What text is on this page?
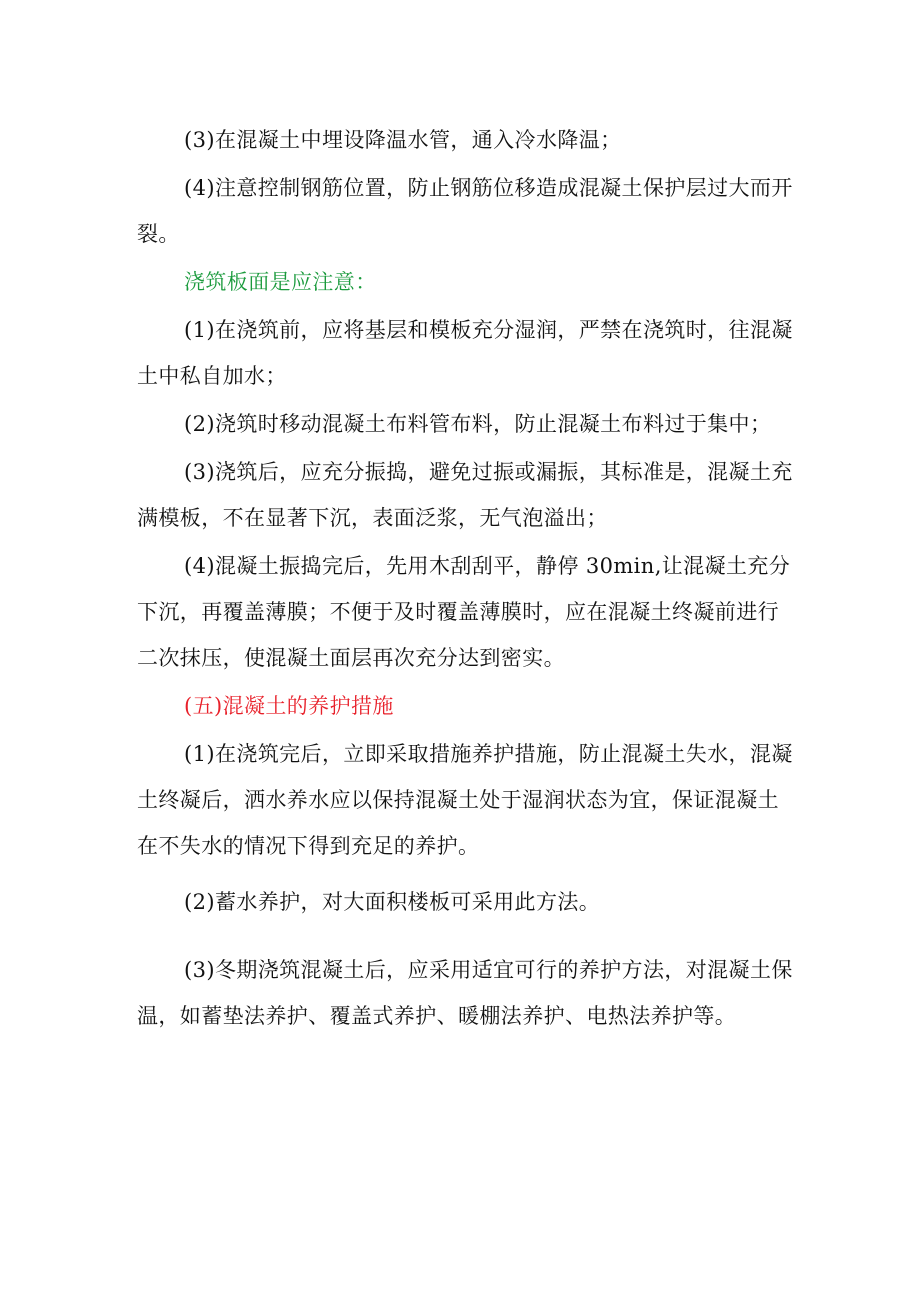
(3)在混凝土中埋设降温水管，通入冷水降温；

(4)注意控制钢筋位置，防止钢筋位移造成混凝土保护层过大而开裂。

浇筑板面是应注意：

(1)在浇筑前，应将基层和模板充分湿润，严禁在浇筑时，往混凝土中私自加水；

(2)浇筑时移动混凝土布料管布料，防止混凝土布料过于集中；

(3)浇筑后，应充分振捣，避免过振或漏振，其标准是，混凝土充满模板，不在显著下沉，表面泛浆，无气泡溢出；

(4)混凝土振捣完后，先用木刮刮平，静停 30min,让混凝土充分下沉，再覆盖薄膜；不便于及时覆盖薄膜时，应在混凝土终凝前进行二次抹压，使混凝土面层再次充分达到密实。

(五)混凝土的养护措施

(1)在浇筑完后，立即采取措施养护措施，防止混凝土失水，混凝土终凝后，洒水养水应以保持混凝土处于湿润状态为宜，保证混凝土在不失水的情况下得到充足的养护。

(2)蓄水养护，对大面积楼板可采用此方法。

(3)冬期浇筑混凝土后，应采用适宜可行的养护方法，对混凝土保温，如蓄垫法养护、覆盖式养护、暖棚法养护、电热法养护等。
